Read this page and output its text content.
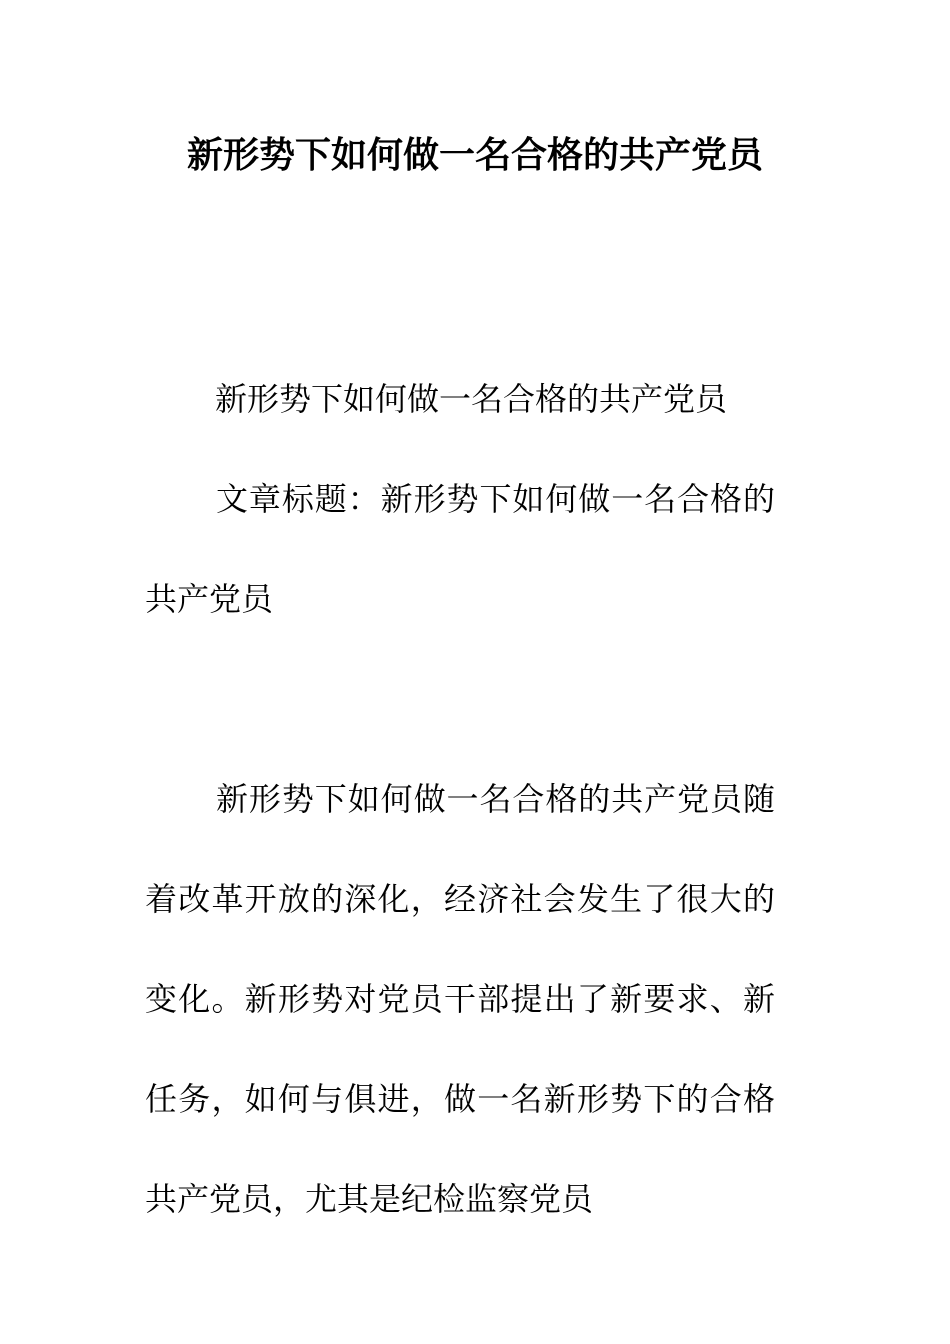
新形势下如何做一名合格的共产党员

新形势下如何做一名合格的共产党员

文章标题：新形势下如何做一名合格的共产党员

新形势下如何做一名合格的共产党员随着改革开放的深化，经济社会发生了很大的变化。新形势对党员干部提出了新要求、新任务，如何与俱进，做一名新形势下的合格共产党员，尤其是纪检监察党员
